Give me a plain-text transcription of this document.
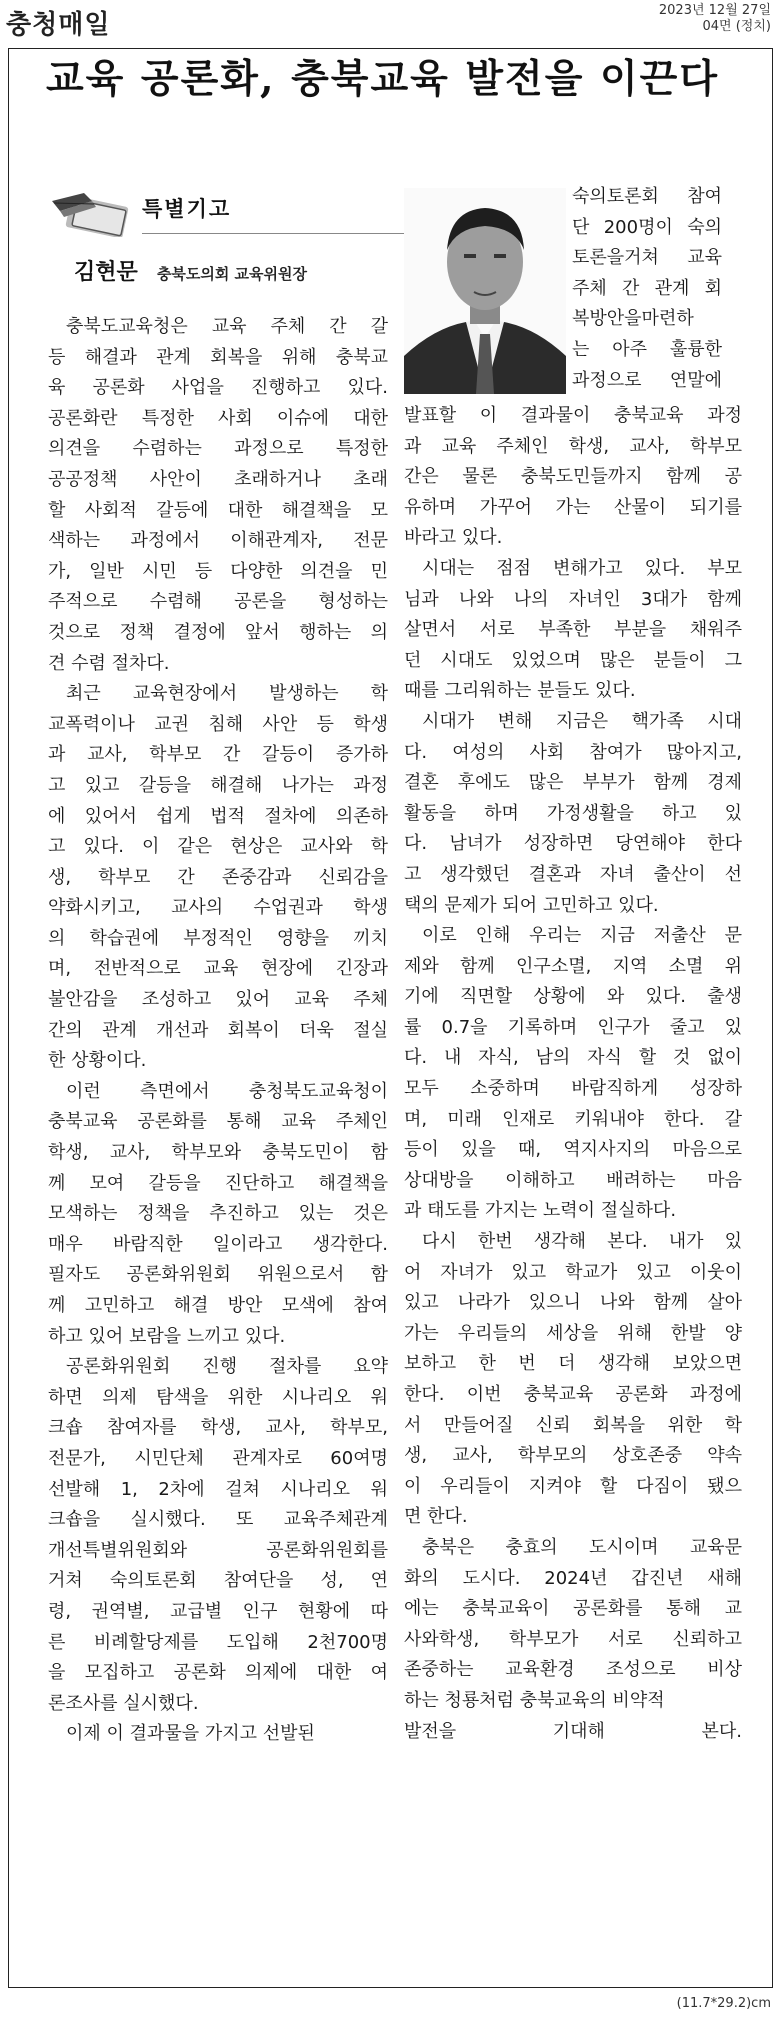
충청매일	2023년 12월 27일
04면 (정치)
교육 공론화, 충북교육 발전을 이끈다
특별기고
김현문 충북도의회 교육위원장
충북도교육청은 교육 주체 간 갈
등 해결과 관계 회복을 위해 충북교
육 공론화 사업을 진행하고 있다.
공론화란 특정한 사회 이슈에 대한
의견을 수렴하는 과정으로 특정한
공공정책 사안이 초래하거나 초래
할 사회적 갈등에 대한 해결책을 모
색하는 과정에서 이해관계자, 전문
가, 일반 시민 등 다양한 의견을 민
주적으로 수렴해 공론을 형성하는
것으로 정책 결정에 앞서 행하는 의
견 수렴 절차다.
최근 교육현장에서 발생하는 학
교폭력이나 교권 침해 사안 등 학생
과 교사, 학부모 간 갈등이 증가하
고 있고 갈등을 해결해 나가는 과정
에 있어서 쉽게 법적 절차에 의존하
고 있다. 이 같은 현상은 교사와 학
생, 학부모 간 존중감과 신뢰감을
약화시키고, 교사의 수업권과 학생
의 학습권에 부정적인 영향을 끼치
며, 전반적으로 교육 현장에 긴장과
불안감을 조성하고 있어 교육 주체
간의 관계 개선과 회복이 더욱 절실
한 상황이다.
이런 측면에서 충청북도교육청이
충북교육 공론화를 통해 교육 주체인
학생, 교사, 학부모와 충북도민이 함
께 모여 갈등을 진단하고 해결책을
모색하는 정책을 추진하고 있는 것은
매우 바람직한 일이라고 생각한다.
필자도 공론화위원회 위원으로서 함
께 고민하고 해결 방안 모색에 참여
하고 있어 보람을 느끼고 있다.
공론화위원회 진행 절차를 요약
하면 의제 탐색을 위한 시나리오 워
크숍 참여자를 학생, 교사, 학부모,
전문가, 시민단체 관계자로 60여명
선발해 1, 2차에 걸쳐 시나리오 워
크숍을 실시했다. 또 교육주체관계
개선특별위원회와 공론화위원회를
거쳐 숙의토론회 참여단을 성, 연
령, 권역별, 교급별 인구 현황에 따
른 비례할당제를 도입해 2천700명
을 모집하고 공론화 의제에 대한 여
론조사를 실시했다.
이제 이 결과물을 가지고 선발된
숙의토론회 참여
단 200명이 숙의
토론을거쳐 교육
주체 간 관계 회
복방안을마련하
는 아주 훌륭한
과정으로 연말에
발표할 이 결과물이 충북교육 과정
과 교육 주체인 학생, 교사, 학부모
간은 물론 충북도민들까지 함께 공
유하며 가꾸어 가는 산물이 되기를
바라고 있다.
시대는 점점 변해가고 있다. 부모
님과 나와 나의 자녀인 3대가 함께
살면서 서로 부족한 부분을 채워주
던 시대도 있었으며 많은 분들이 그
때를 그리워하는 분들도 있다.
시대가 변해 지금은 핵가족 시대
다. 여성의 사회 참여가 많아지고,
결혼 후에도 많은 부부가 함께 경제
활동을 하며 가정생활을 하고 있
다. 남녀가 성장하면 당연해야 한다
고 생각했던 결혼과 자녀 출산이 선
택의 문제가 되어 고민하고 있다.
이로 인해 우리는 지금 저출산 문
제와 함께 인구소멸, 지역 소멸 위
기에 직면할 상황에 와 있다. 출생
률 0.7을 기록하며 인구가 줄고 있
다. 내 자식, 남의 자식 할 것 없이
모두 소중하며 바람직하게 성장하
며, 미래 인재로 키워내야 한다. 갈
등이 있을 때, 역지사지의 마음으로
상대방을 이해하고 배려하는 마음
과 태도를 가지는 노력이 절실하다.
다시 한번 생각해 본다. 내가 있
어 자녀가 있고 학교가 있고 이웃이
있고 나라가 있으니 나와 함께 살아
가는 우리들의 세상을 위해 한발 양
보하고 한 번 더 생각해 보았으면
한다. 이번 충북교육 공론화 과정에
서 만들어질 신뢰 회복을 위한 학
생, 교사, 학부모의 상호존중 약속
이 우리들이 지켜야 할 다짐이 됐으
면 한다.
충북은 충효의 도시이며 교육문
화의 도시다. 2024년 갑진년 새해
에는 충북교육이 공론화를 통해 교
사와학생, 학부모가 서로 신뢰하고
존중하는 교육환경 조성으로 비상
하는 청룡처럼 충북교육의 비약적
발전을 기대해 본다.
(11.7*29.2)cm
